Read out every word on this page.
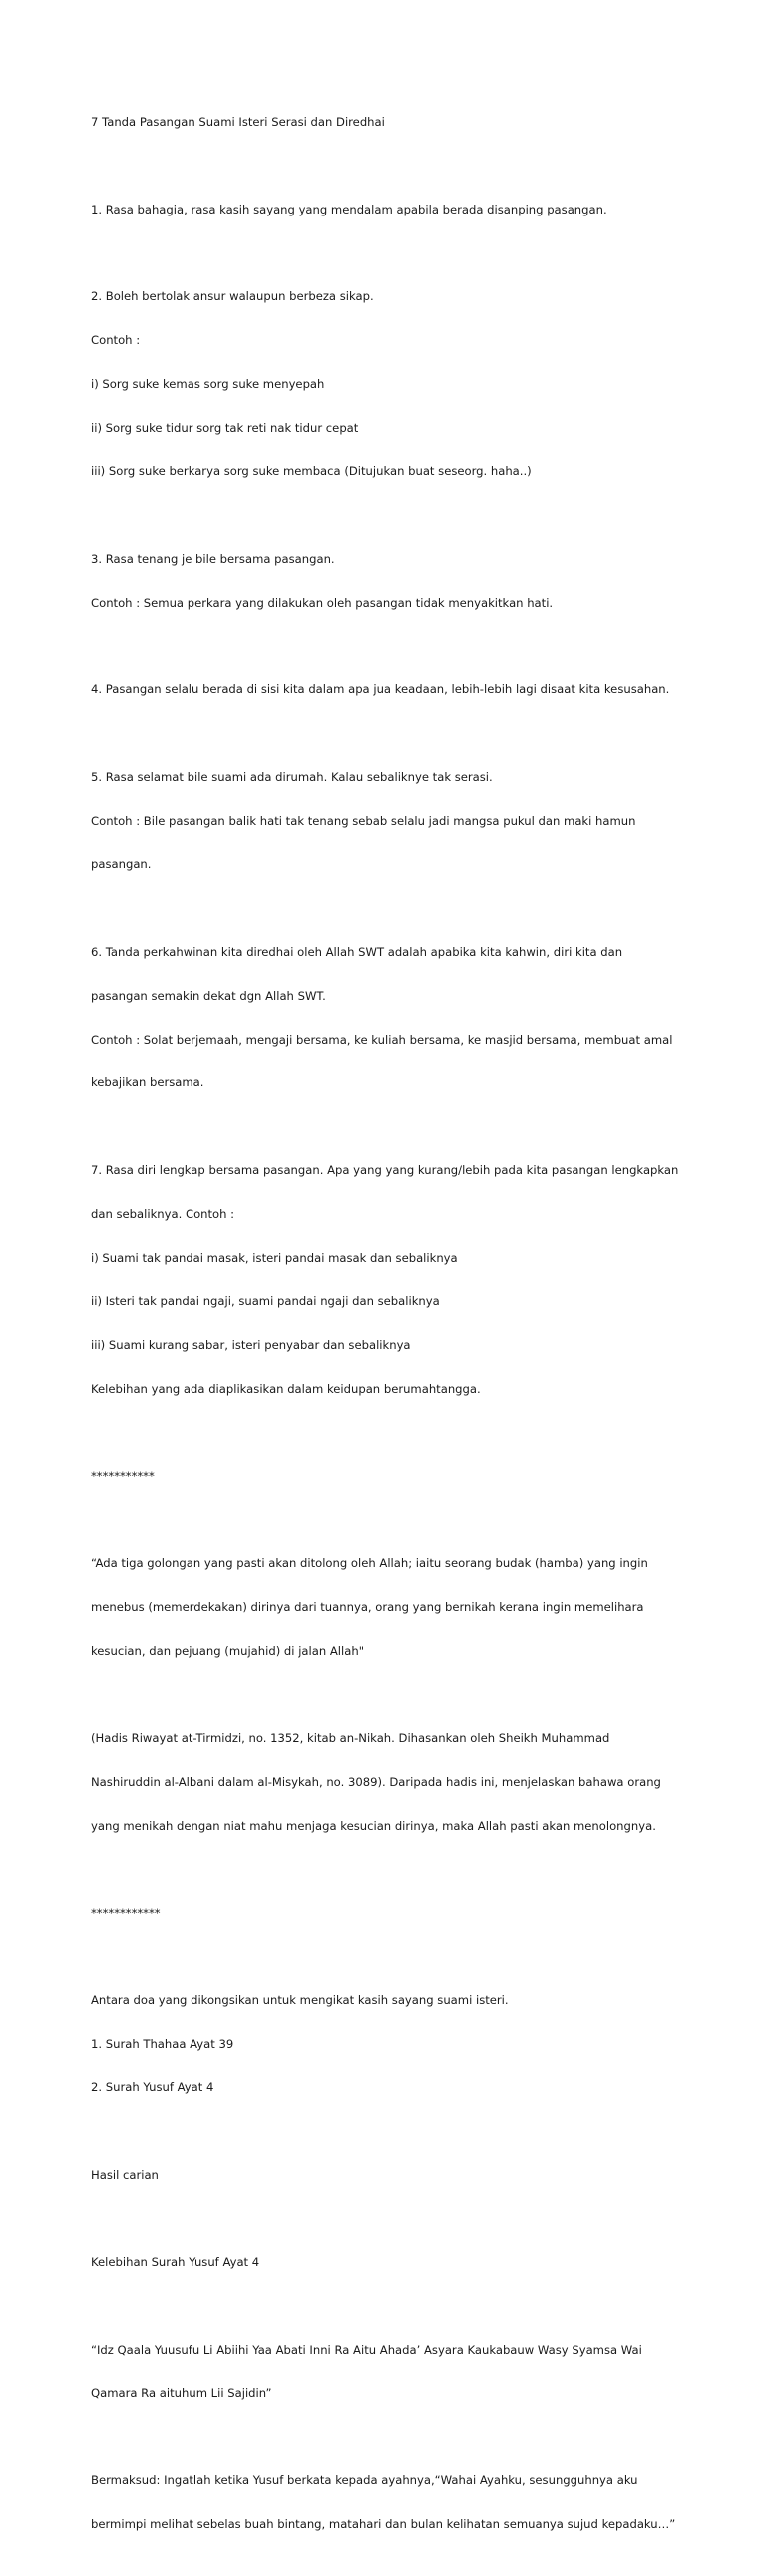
7 Tanda Pasangan Suami Isteri Serasi dan Diredhai

1. Rasa bahagia, rasa kasih sayang yang mendalam apabila berada disanping pasangan.

2. Boleh bertolak ansur walaupun berbeza sikap.

Contoh :

i) Sorg suke kemas sorg suke menyepah

ii) Sorg suke tidur sorg tak reti nak tidur cepat

iii) Sorg suke berkarya sorg suke membaca (Ditujukan buat seseorg. haha..)

3. Rasa tenang je bile bersama pasangan.

Contoh : Semua perkara yang dilakukan oleh pasangan tidak menyakitkan hati.

4. Pasangan selalu berada di sisi kita dalam apa jua keadaan, lebih-lebih lagi disaat kita kesusahan.

5. Rasa selamat bile suami ada dirumah. Kalau sebaliknye tak serasi.

Contoh : Bile pasangan balik hati tak tenang sebab selalu jadi mangsa pukul dan maki hamun

pasangan.

6. Tanda perkahwinan kita diredhai oleh Allah SWT adalah apabika kita kahwin, diri kita dan

pasangan semakin dekat dgn Allah SWT.

Contoh : Solat berjemaah, mengaji bersama, ke kuliah bersama, ke masjid bersama, membuat amal

kebajikan bersama.

7. Rasa diri lengkap bersama pasangan. Apa yang yang kurang/lebih pada kita pasangan lengkapkan

dan sebaliknya. Contoh :

i) Suami tak pandai masak, isteri pandai masak dan sebaliknya

ii) Isteri tak pandai ngaji, suami pandai ngaji dan sebaliknya

iii) Suami kurang sabar, isteri penyabar dan sebaliknya

Kelebihan yang ada diaplikasikan dalam keidupan berumahtangga.

***********

“Ada tiga golongan yang pasti akan ditolong oleh Allah; iaitu seorang budak (hamba) yang ingin

menebus (memerdekakan) dirinya dari tuannya, orang yang bernikah kerana ingin memelihara

kesucian, dan pejuang (mujahid) di jalan Allah"

(Hadis Riwayat at-Tirmidzi, no. 1352, kitab an-Nikah. Dihasankan oleh Sheikh Muhammad

Nashiruddin al-Albani dalam al-Misykah, no. 3089). Daripada hadis ini, menjelaskan bahawa orang

yang menikah dengan niat mahu menjaga kesucian dirinya, maka Allah pasti akan menolongnya.

************

Antara doa yang dikongsikan untuk mengikat kasih sayang suami isteri.

1. Surah Thahaa Ayat 39

2. Surah Yusuf Ayat 4

Hasil carian

Kelebihan Surah Yusuf Ayat 4

“Idz Qaala Yuusufu Li Abiihi Yaa Abati Inni Ra Aitu Ahada’ Asyara Kaukabauw Wasy Syamsa Wai

Qamara Ra aituhum Lii Sajidin”

Bermaksud: Ingatlah ketika Yusuf berkata kepada ayahnya,“Wahai Ayahku, sesungguhnya aku

bermimpi melihat sebelas buah bintang, matahari dan bulan kelihatan semuanya sujud kepadaku…”
